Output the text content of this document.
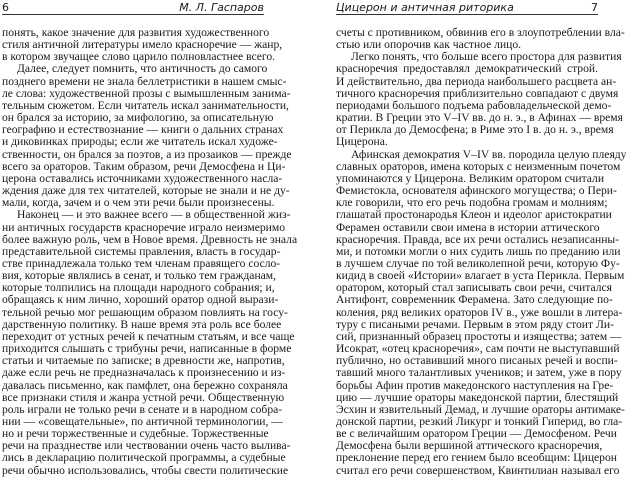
6	М. Л. Гаспаров
понять, какое значение для развития художественного
стиля античной литературы имело красноречие — жанр,
в котором звучащее слово царило полновластнее всего.
Далее, следует помнить, что античность до самого
позднего времени не знала беллетристики в нашем смыс-
ле слова: художественной прозы с вымышленным занима-
тельным сюжетом. Если читатель искал занимательности,
он брался за историю, за мифологию, за описательную
географию и естествознание — книги о дальних странах
и диковинках природы; если же читатель искал художе-
ственности, он брался за поэтов, а из прозаиков — прежде
всего за ораторов. Таким образом, речи Демосфена и Ци-
церона оставались источниками художественного насла-
ждения даже для тех читателей, которые не знали и не ду-
мали, когда, зачем и о чем эти речи были произнесены.
Наконец — и это важнее всего — в общественной жиз-
ни античных государств красноречие играло неизмеримо
более важную роль, чем в Новое время. Древность не знала
представительной системы правления, власть в государ-
стве принадлежала только тем членам правящего сосло-
вия, которые являлись в сенат, и только тем гражданам,
которые толпились на площади народного собрания; и,
обращаясь к ним лично, хороший оратор одной вырази-
тельной речью мог решающим образом повлиять на госу-
дарственную политику. В наше время эта роль все более
переходит от устных речей к печатным статьям, и все чаще
приходится слышать с трибуны речи, написанные в форме
статьи и читаемые по записке; в древности же, напротив,
даже если речь не предназначалась к произнесению и из-
давалась письменно, как памфлет, она бережно сохраняла
все признаки стиля и жанра устной речи. Общественную
роль играли не только речи в сенате и в народном собра-
нии — «совещательные», по античной терминологии, —
но и речи торжественные и судебные. Торжественные
речи на празднестве или чествовании очень часто вылива-
лись в декларацию политической программы, а судебные
речи обычно использовались, чтобы свести политические
Цицерон и античная риторика	7
счеты с противником, обвинив его в злоупотреблении вла-
стью или опорочив как частное лицо.
Легко понять, что больше всего простора для развития
красноречия предоставлял демократический строй.
И действительно, два периода наибольшего расцвета ан-
тичного красноречия приблизительно совпадают с двумя
периодами большого подъема рабовладельческой демо-
кратии. В Греции это V–IV вв. до н. э., в Афинах — время
от Перикла до Демосфена; в Риме это I в. до н. э., время
Цицерона.
Афинская демократия V–IV вв. породила целую плеяду
славных ораторов, имена которых с неизменным почетом
упоминаются у Цицерона. Великим оратором считали
Фемистокла, основателя афинского могущества; о Пери-
кле говорили, что его речь подобна громам и молниям;
глашатай простонародья Клеон и идеолог аристократии
Ферамен оставили свои имена в истории аттического
красноречия. Правда, все их речи остались незаписанны-
ми, и потомки могли о них судить лишь по преданию или
в лучшем случае по той великолепной речи, которую Фу-
кидид в своей «Истории» влагает в уста Перикла. Первым
оратором, который стал записывать свои речи, считался
Антифонт, современник Ферамена. Зато следующие по-
коления, ряд великих ораторов IV в., уже вошли в литера-
туру с писаными речами. Первым в этом ряду стоит Ли-
сий, признанный образец простоты и изящества; затем —
Исократ, «отец красноречия», сам почти не выступавший
публично, но оставивший много писаных речей и воспи-
тавший много талантливых учеников; и затем, уже в пору
борьбы Афин против македонского наступления на Гре-
цию — лучшие ораторы македонской партии, блестящий
Эсхин и язвительный Демад, и лучшие ораторы антимаке-
донской партии, резкий Ликург и тонкий Гиперид, во гла-
ве с величайшим оратором Греции — Демосфеном. Речи
Демосфена были вершиной аттического красноречия,
преклонение перед его гением было всеобщим: Цицерон
считал его речи совершенством, Квинтилиан называл его
